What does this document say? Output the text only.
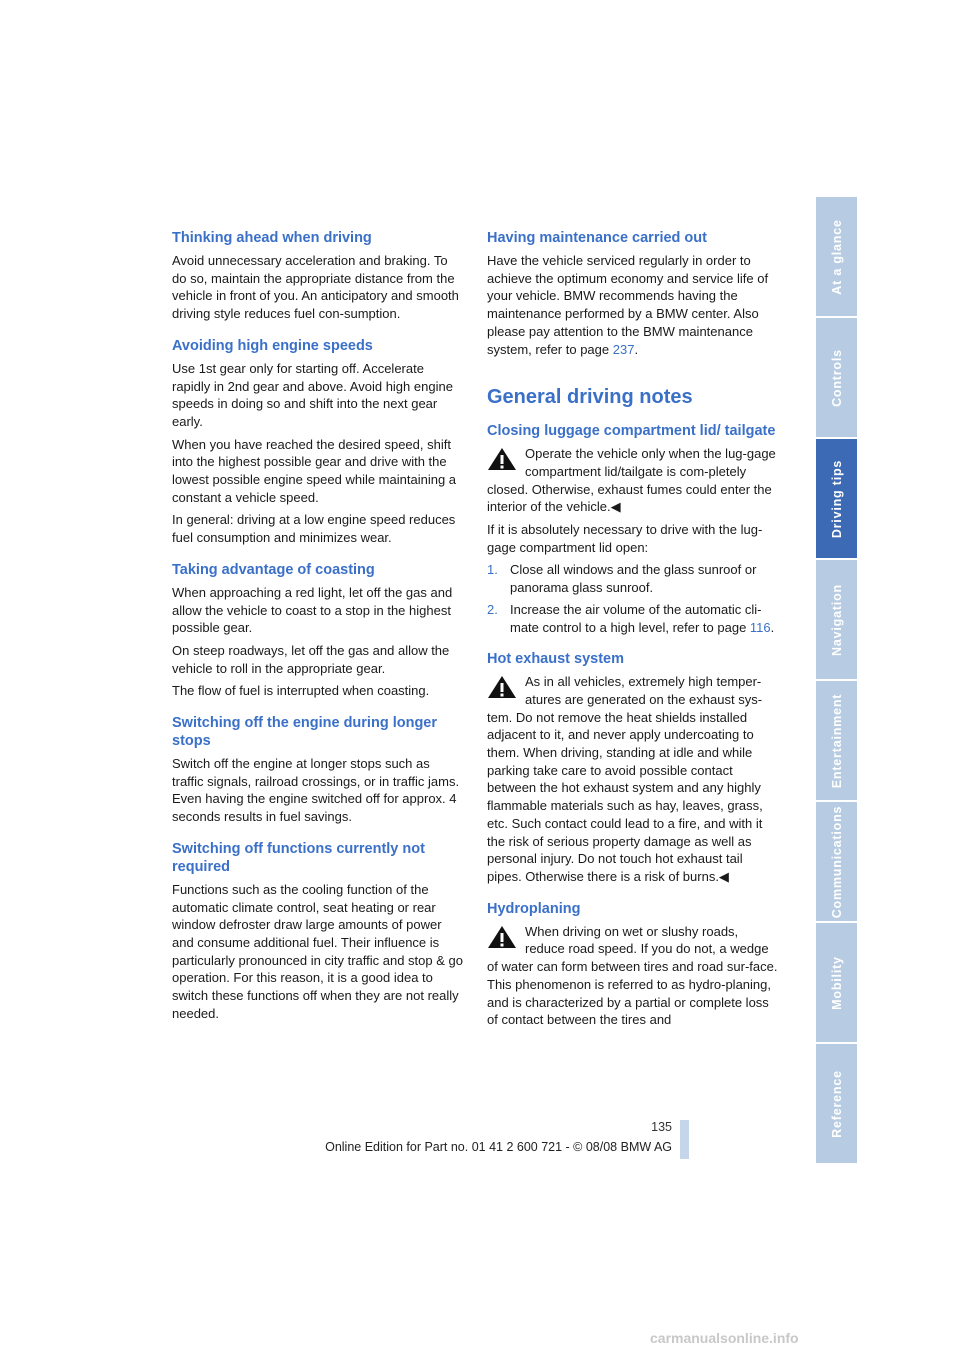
Thinking ahead when driving

Avoid unnecessary acceleration and braking. To do so, maintain the appropriate distance from the vehicle in front of you. An anticipatory and smooth driving style reduces fuel con-sumption.

Avoiding high engine speeds

Use 1st gear only for starting off. Accelerate rapidly in 2nd gear and above. Avoid high engine speeds in doing so and shift into the next gear early.

When you have reached the desired speed, shift into the highest possible gear and drive with the lowest possible engine speed while maintaining a constant a vehicle speed.

In general: driving at a low engine speed reduces fuel consumption and minimizes wear.

Taking advantage of coasting

When approaching a red light, let off the gas and allow the vehicle to coast to a stop in the highest possible gear.

On steep roadways, let off the gas and allow the vehicle to roll in the appropriate gear.

The flow of fuel is interrupted when coasting.

Switching off the engine during longer stops

Switch off the engine at longer stops such as traffic signals, railroad crossings, or in traffic jams. Even having the engine switched off for approx. 4 seconds results in fuel savings.

Switching off functions currently not required

Functions such as the cooling function of the automatic climate control, seat heating or rear window defroster draw large amounts of power and consume additional fuel. Their influence is particularly pronounced in city traffic and stop & go operation. For this reason, it is a good idea to switch these functions off when they are not really needed.

Having maintenance carried out

Have the vehicle serviced regularly in order to achieve the optimum economy and service life of your vehicle. BMW recommends having the maintenance performed by a BMW center. Also please pay attention to the BMW maintenance system, refer to page 237.

General driving notes
Closing luggage compartment lid/ tailgate

Operate the vehicle only when the lug-gage compartment lid/tailgate is com-pletely closed. Otherwise, exhaust fumes could enter the interior of the vehicle.◀

If it is absolutely necessary to drive with the lug-gage compartment lid open:

1. Close all windows and the glass sunroof or panorama glass sunroof.
2. Increase the air volume of the automatic cli-mate control to a high level, refer to page 116.
Hot exhaust system

As in all vehicles, extremely high temper-atures are generated on the exhaust sys-tem. Do not remove the heat shields installed adjacent to it, and never apply undercoating to them. When driving, standing at idle and while parking take care to avoid possible contact between the hot exhaust system and any highly flammable materials such as hay, leaves, grass, etc. Such contact could lead to a fire, and with it the risk of serious property damage as well as personal injury. Do not touch hot exhaust tail pipes. Otherwise there is a risk of burns.◀

Hydroplaning

When driving on wet or slushy roads, reduce road speed. If you do not, a wedge of water can form between tires and road sur-face. This phenomenon is referred to as hydro-planing, and is characterized by a partial or complete loss of contact between the tires and

At a glance
Controls
Driving tips
Navigation
Entertainment
Communications
Mobility
Reference
135
Online Edition for Part no. 01 41 2 600 721 - © 08/08 BMW AG
carmanualsonline.info
